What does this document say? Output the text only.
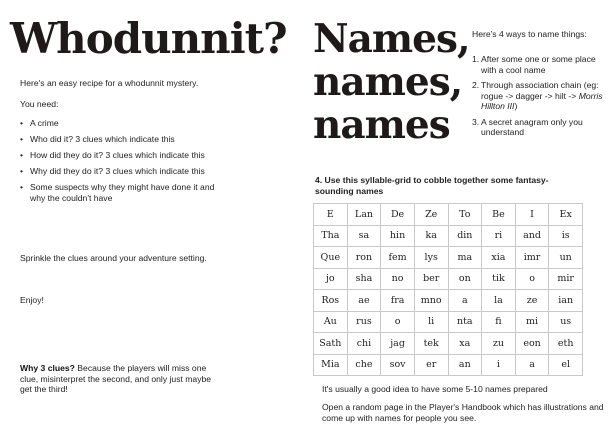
Whodunnit?

Here's an easy recipe for a whodunnit mystery.

You need:

• A crime
• Who did it? 3 clues which indicate this
• How did they do it? 3 clues which indicate this
• Why did they do it? 3 clues which indicate this
• Some suspects why they might have done it and why the couldn't have

Sprinkle the clues around your adventure setting.

Enjoy!

Why 3 clues? Because the players will miss one clue, misinterpret the second, and only just maybe get the third!

Names,
names,
names

Here's 4 ways to name things:

1. After some one or some place with a cool name
2. Through association chain (eg: rogue -> dagger -> hilt -> Morris Hillton III)
3. A secret anagram only you understand

4. Use this syllable-grid to cobble together some fantasy-sounding names

E	Lan	De	Ze	To	Be	I	Ex
Tha	sa	hin	ka	din	ri	and	is
Que	ron	fem	lys	ma	xia	imr	un
jo	sha	no	ber	on	tik	o	mir
Ros	ae	fra	mno	a	la	ze	ian
Au	rus	o	li	nta	fi	mi	us
Sath	chi	jag	tek	xa	zu	eon	eth
Mia	che	sov	er	an	i	a	el

It's usually a good idea to have some 5-10 names prepared

Open a random page in the Player's Handbook which has illustrations and come up with names for people you see.
